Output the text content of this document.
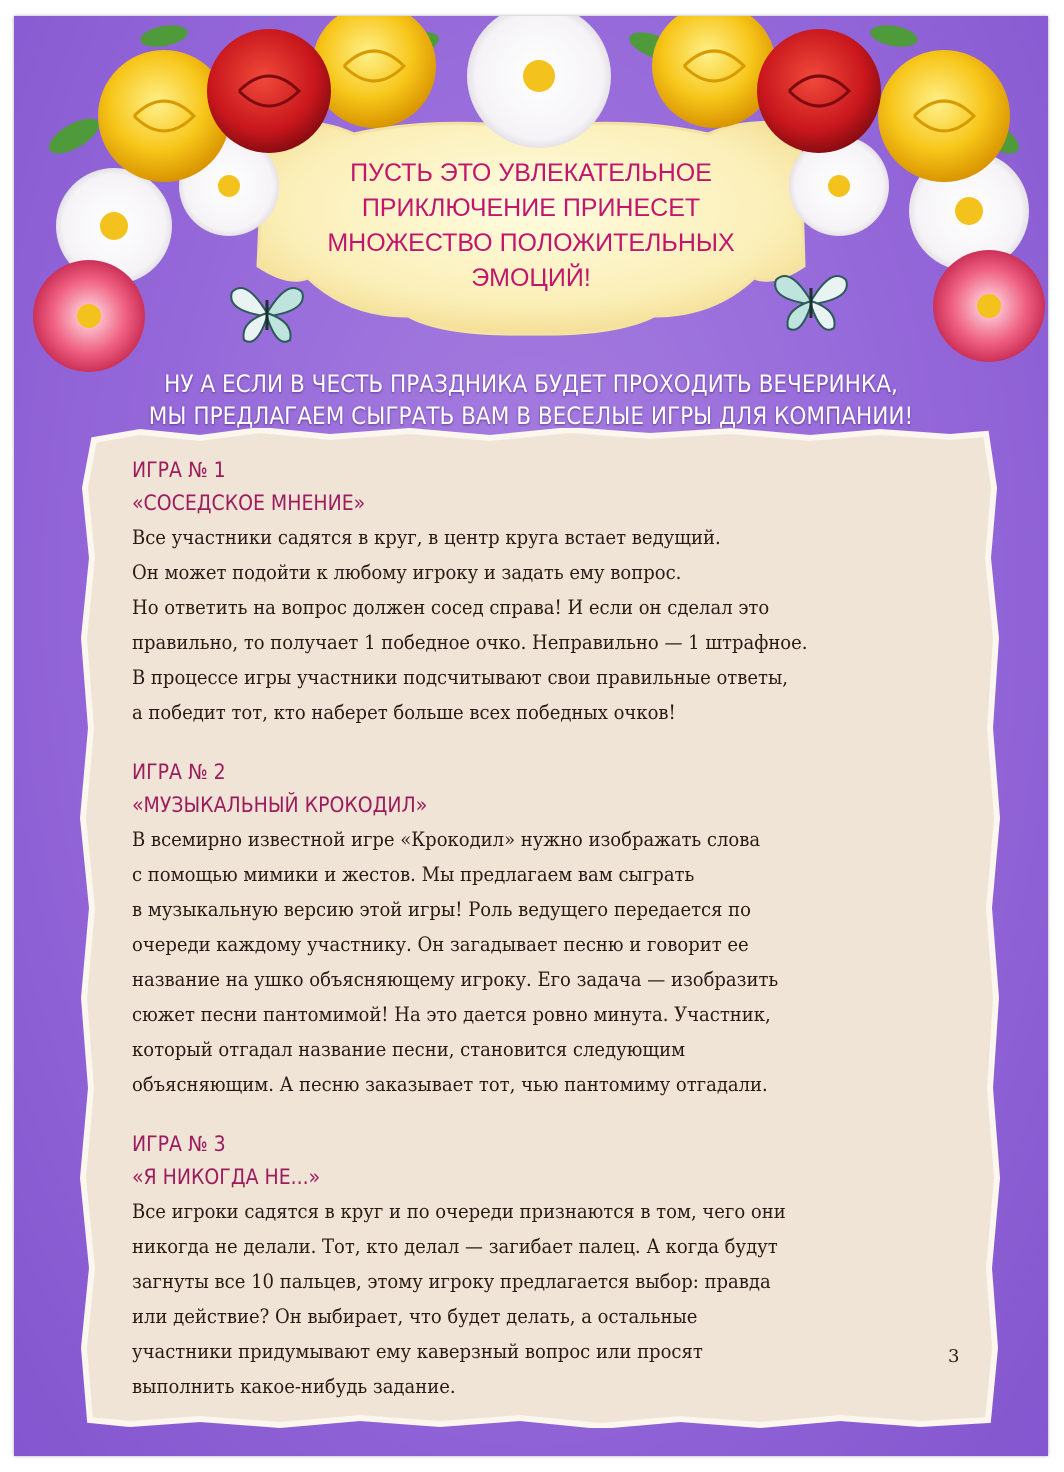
ПУСТЬ ЭТО УВЛЕКАТЕЛЬНОЕ ПРИКЛЮЧЕНИЕ ПРИНЕСЕТ МНОЖЕСТВО ПОЛОЖИТЕЛЬНЫХ ЭМОЦИЙ!
НУ А ЕСЛИ В ЧЕСТЬ ПРАЗДНИКА БУДЕТ ПРОХОДИТЬ ВЕЧЕРИНКА,
МЫ ПРЕДЛАГАЕМ СЫГРАТЬ ВАМ В ВЕСЕЛЫЕ ИГРЫ ДЛЯ КОМПАНИИ!
ИГРА № 1
«СОСЕДСКОЕ МНЕНИЕ»
Все участники садятся в круг, в центр круга встает ведущий.
Он может подойти к любому игроку и задать ему вопрос.
Но ответить на вопрос должен сосед справа! И если он сделал это
правильно, то получает 1 победное очко. Неправильно — 1 штрафное.
В процессе игры участники подсчитывают свои правильные ответы,
а победит тот, кто наберет больше всех победных очков!
ИГРА № 2
«МУЗЫКАЛЬНЫЙ КРОКОДИЛ»
В всемирно известной игре «Крокодил» нужно изображать слова
с помощью мимики и жестов. Мы предлагаем вам сыграть
в музыкальную версию этой игры! Роль ведущего передается по
очереди каждому участнику. Он загадывает песню и говорит ее
название на ушко объясняющему игроку. Его задача — изобразить
сюжет песни пантомимой! На это дается ровно минута. Участник,
который отгадал название песни, становится следующим
объясняющим. А песню заказывает тот, чью пантомиму отгадали.
ИГРА № 3
«Я НИКОГДА НЕ...»
Все игроки садятся в круг и по очереди признаются в том, чего они
никогда не делали. Тот, кто делал — загибает палец. А когда будут
загнуты все 10 пальцев, этому игроку предлагается выбор: правда
или действие? Он выбирает, что будет делать, а остальные
участники придумывают ему каверзный вопрос или просят
выполнить какое-нибудь задание.
3
